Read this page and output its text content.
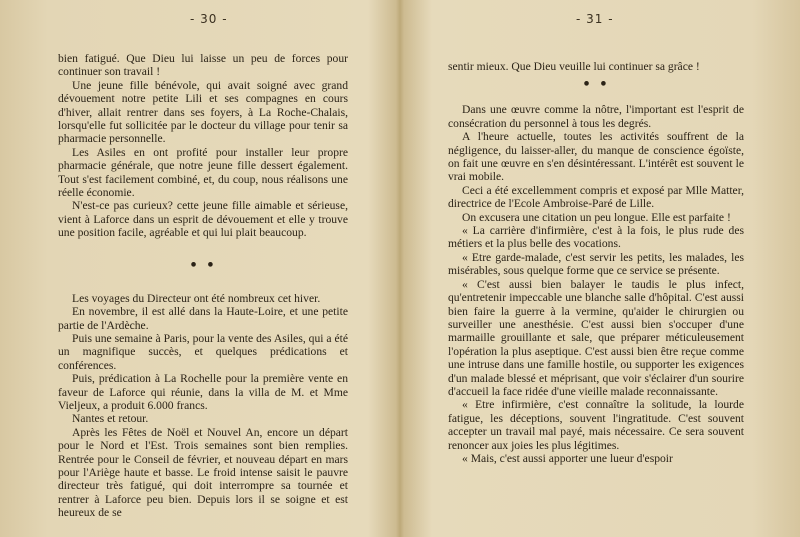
- 30 -

bien fatigué. Que Dieu lui laisse un peu de forces pour continuer son travail !

Une jeune fille bénévole, qui avait soigné avec grand dévouement notre petite Lili et ses compagnes en cours d'hiver, allait rentrer dans ses foyers, à La Roche-Chalais, lorsqu'elle fut sollicitée par le docteur du village pour tenir sa pharmacie personnelle.

Les Asiles en ont profité pour installer leur propre pharmacie générale, que notre jeune fille dessert également. Tout s'est facilement combiné, et, du coup, nous réalisons une réelle économie.

N'est-ce pas curieux? cette jeune fille aimable et sérieuse, vient à Laforce dans un esprit de dévouement et elle y trouve une position facile, agréable et qui lui plait beaucoup.

• •

Les voyages du Directeur ont été nombreux cet hiver.

En novembre, il est allé dans la Haute-Loire, et une petite partie de l'Ardèche.

Puis une semaine à Paris, pour la vente des Asiles, qui a été un magnifique succès, et quelques prédications et conférences.

Puis, prédication à La Rochelle pour la première vente en faveur de Laforce qui réunie, dans la villa de M. et Mme Vieljeux, a produit 6.000 francs.

Nantes et retour.

Après les Fêtes de Noël et Nouvel An, encore un départ pour le Nord et l'Est. Trois semaines sont bien remplies. Rentrée pour le Conseil de février, et nouveau départ en mars pour l'Ariège haute et basse. Le froid intense saisit le pauvre directeur très fatigué, qui doit interrompre sa tournée et rentrer à Laforce peu bien. Depuis lors il se soigne et est heureux de se

- 31 -

sentir mieux. Que Dieu veuille lui continuer sa grâce !

• •

Dans une œuvre comme la nôtre, l'important est l'esprit de consécration du personnel à tous les degrés.

A l'heure actuelle, toutes les activités souffrent de la négligence, du laisser-aller, du manque de conscience égoïste, on fait une œuvre en s'en désintéressant. L'intérêt est souvent le vrai mobile.

Ceci a été excellemment compris et exposé par Mlle Matter, directrice de l'Ecole Ambroise-Paré de Lille.

On excusera une citation un peu longue. Elle est parfaite !

« La carrière d'infirmière, c'est à la fois, le plus rude des métiers et la plus belle des vocations.

« Etre garde-malade, c'est servir les petits, les malades, les misérables, sous quelque forme que ce service se présente.

« C'est aussi bien balayer le taudis le plus infect, qu'entretenir impeccable une blanche salle d'hôpital. C'est aussi bien faire la guerre à la vermine, qu'aider le chirurgien ou surveiller une anesthésie. C'est aussi bien s'occuper d'une marmaille grouillante et sale, que préparer méticuleusement l'opération la plus aseptique. C'est aussi bien être reçue comme une intruse dans une famille hostile, ou supporter les exigences d'un malade blessé et méprisant, que voir s'éclairer d'un sourire d'accueil la face ridée d'une vieille malade reconnaissante.

« Etre infirmière, c'est connaître la solitude, la lourde fatigue, les déceptions, souvent l'ingratitude. C'est souvent accepter un travail mal payé, mais nécessaire. Ce sera souvent renoncer aux joies les plus légitimes.

« Mais, c'est aussi apporter une lueur d'espoir
